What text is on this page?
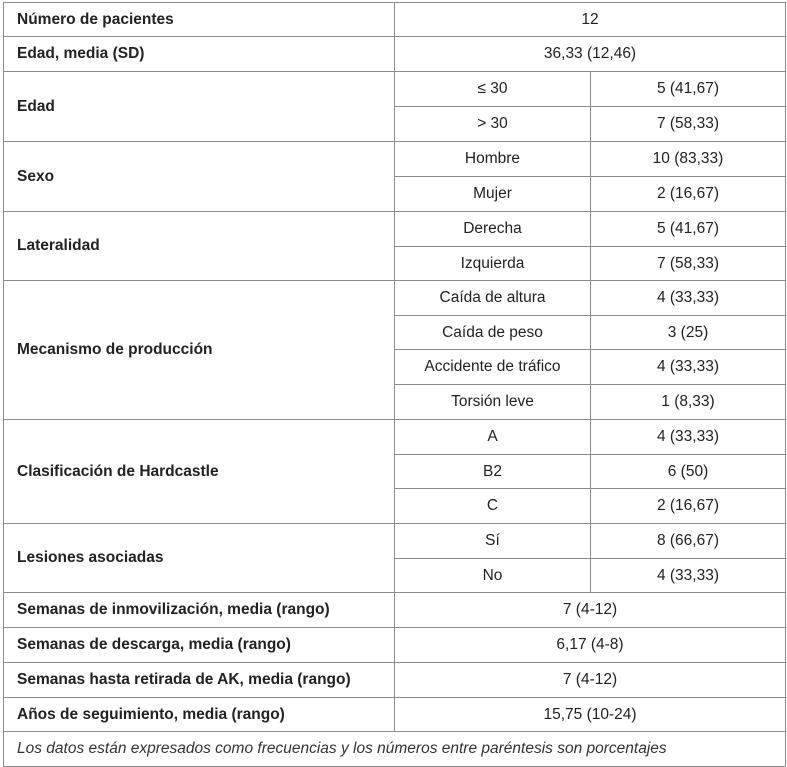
Número de pacientes	12	
Edad, media (SD)	36,33 (12,46)	
Edad	≤ 30	5 (41,67)
	> 30	7 (58,33)
Sexo	Hombre	10 (83,33)
	Mujer	2 (16,67)
Lateralidad	Derecha	5 (41,67)
	Izquierda	7 (58,33)
Mecanismo de producción	Caída de altura	4 (33,33)
	Caída de peso	3 (25)
	Accidente de tráfico	4 (33,33)
	Torsión leve	1 (8,33)
Clasificación de Hardcastle	A	4 (33,33)
	B2	6 (50)
	C	2 (16,67)
Lesiones asociadas	Sí	8 (66,67)
	No	4 (33,33)
Semanas de inmovilización, media (rango)	7 (4-12)	
Semanas de descarga, media (rango)	6,17 (4-8)	
Semanas hasta retirada de AK, media (rango)	7 (4-12)	
Años de seguimiento, media (rango)	15,75 (10-24)	
Los datos están expresados como frecuencias y los números entre paréntesis son porcentajes		
